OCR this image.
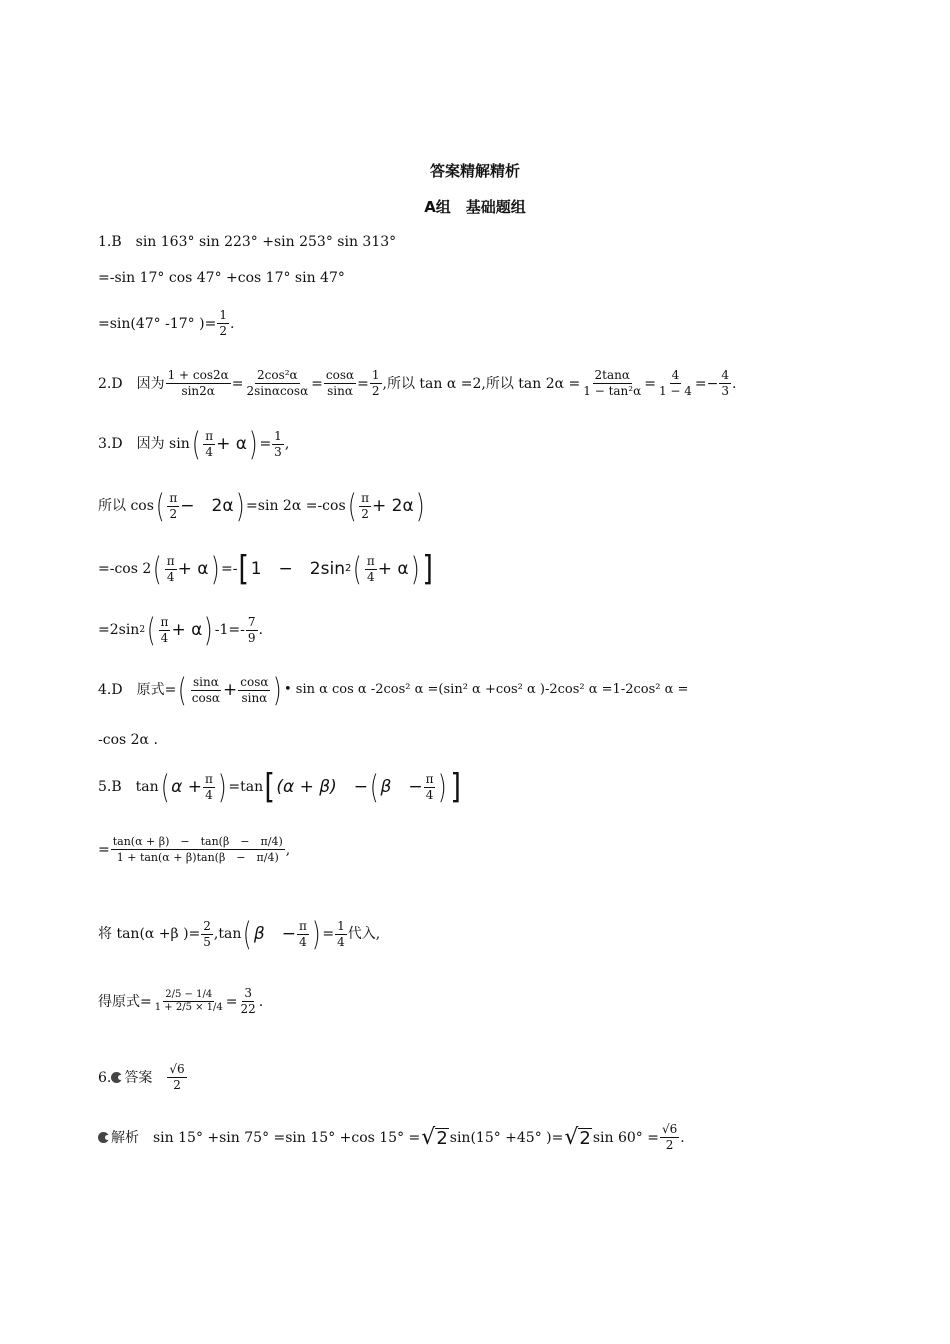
答案精解精析
A组　基础题组
1.B　sin 163° sin 223° +sin 253° sin 313°
=-sin 17° cos 47° +cos 17° sin 47°
=sin(47° -17° )= $\frac{1}{2}$ .
2.D　因为 $\frac{1 + \cos 2\alpha}{\sin 2\alpha} = \frac{\text{2cos²α}}{2\sin\alpha\cos\alpha} = \frac{\cos\alpha}{\sin\alpha} = \frac{1}{2}$ ,所以 tan α =2,所以 $\tan 2\alpha = \frac{2\tan\alpha}{\text{1 − tan²α}} = \frac{4}{1 - 4} =- \frac{4}{3}$ .
3.D　因为 sin ( $\frac{\pi}{4} + \alpha$ ) = $\frac{1}{3}$ ,
所以 cos ( $\frac{\pi}{2}$ −　2α ) =sin 2α =-cos ( $\frac{\pi}{2} + 2\alpha$ )
=-cos 2 ( $\frac{\pi}{4} + \alpha$ ) =- [ 1　−　2sin 2 ( $\frac{\pi}{4} + \alpha$ ) ]
=2sin 2 ( $\frac{\pi}{4} + \alpha$ ) $-1=- \frac{7}{9}$ .
4.D　原式= ( $\frac{\sin\alpha}{\cos\alpha} + \frac{\cos\alpha}{\sin\alpha}$ ) • sin α cos α -2cos² α =(sin² α +cos² α )-2cos² α =1-2cos² α =
-cos 2α .
5.B　tan ( $\alpha + \frac{\pi}{4}$ ) =tan [ (α + β)　− ( β　− $\frac{\pi}{4}$ ) ]
= $\frac{\tan(\alpha + \beta) - \tan(\beta - \pi/4)}{1 + \tan(\alpha + \beta)\tan(\beta - \pi/4)}$ ,
将 tan(α +β )= $\frac{2}{5} ,\tan$ ( β　− $\frac{\pi}{4}$ ) = $\frac{1}{4}$ 代入,
得原式= $\frac{2/5 - 1/4}{1 + 2/5 \times 1/4} = \frac{3}{22}$ .
6. 答案 $\frac{√6}{2}$
解析 　sin 15° +sin 75° =sin 15° +cos 15° = √ 2 sin(15° +45° )= √ 2 $\sin 60^\circ = \frac{√6}{2}$ .
